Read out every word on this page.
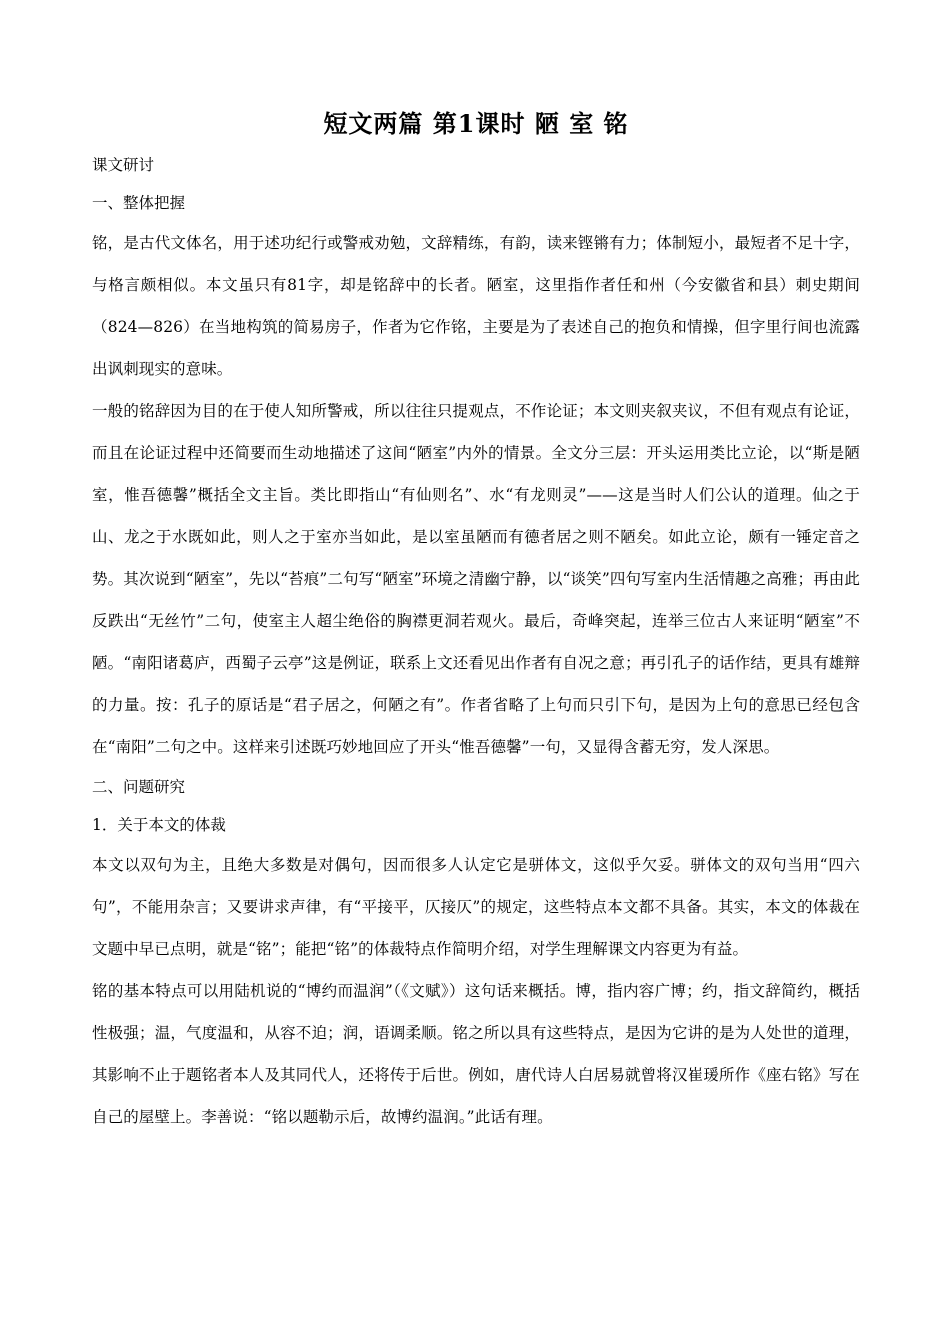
短文两篇 第1课时 陋 室 铭

课文研讨

一、整体把握

铭，是古代文体名，用于述功纪行或警戒劝勉，文辞精练，有韵，读来铿锵有力；体制短小，最短者不足十字，与格言颇相似。本文虽只有81字，却是铭辞中的长者。陋室，这里指作者任和州（今安徽省和县）刺史期间（824—826）在当地构筑的简易房子，作者为它作铭，主要是为了表述自己的抱负和情操，但字里行间也流露出讽刺现实的意味。

一般的铭辞因为目的在于使人知所警戒，所以往往只提观点，不作论证；本文则夹叙夹议，不但有观点有论证，而且在论证过程中还简要而生动地描述了这间“陋室”内外的情景。全文分三层：开头运用类比立论，以“斯是陋室，惟吾德馨”概括全文主旨。类比即指山“有仙则名”、水“有龙则灵”——这是当时人们公认的道理。仙之于山、龙之于水既如此，则人之于室亦当如此，是以室虽陋而有德者居之则不陋矣。如此立论，颇有一锤定音之势。其次说到“陋室”，先以“苔痕”二句写“陋室”环境之清幽宁静，以“谈笑”四句写室内生活情趣之高雅；再由此反跌出“无丝竹”二句，使室主人超尘绝俗的胸襟更洞若观火。最后，奇峰突起，连举三位古人来证明“陋室”不陋。“南阳诸葛庐，西蜀子云亭”这是例证，联系上文还看见出作者有自况之意；再引孔子的话作结，更具有雄辩的力量。按：孔子的原话是“君子居之，何陋之有”。作者省略了上句而只引下句，是因为上句的意思已经包含在“南阳”二句之中。这样来引述既巧妙地回应了开头“惟吾德馨”一句，又显得含蓄无穷，发人深思。

二、问题研究

1．关于本文的体裁

本文以双句为主，且绝大多数是对偶句，因而很多人认定它是骈体文，这似乎欠妥。骈体文的双句当用“四六句”，不能用杂言；又要讲求声律，有“平接平，仄接仄”的规定，这些特点本文都不具备。其实，本文的体裁在文题中早已点明，就是“铭”；能把“铭”的体裁特点作简明介绍，对学生理解课文内容更为有益。

铭的基本特点可以用陆机说的“博约而温润”（《文赋》）这句话来概括。博，指内容广博；约，指文辞简约，概括性极强；温，气度温和，从容不迫；润，语调柔顺。铭之所以具有这些特点，是因为它讲的是为人处世的道理，其影响不止于题铭者本人及其同代人，还将传于后世。例如，唐代诗人白居易就曾将汉崔瑗所作《座右铭》写在自己的屋壁上。李善说：“铭以题勒示后，故博约温润。”此话有理。
